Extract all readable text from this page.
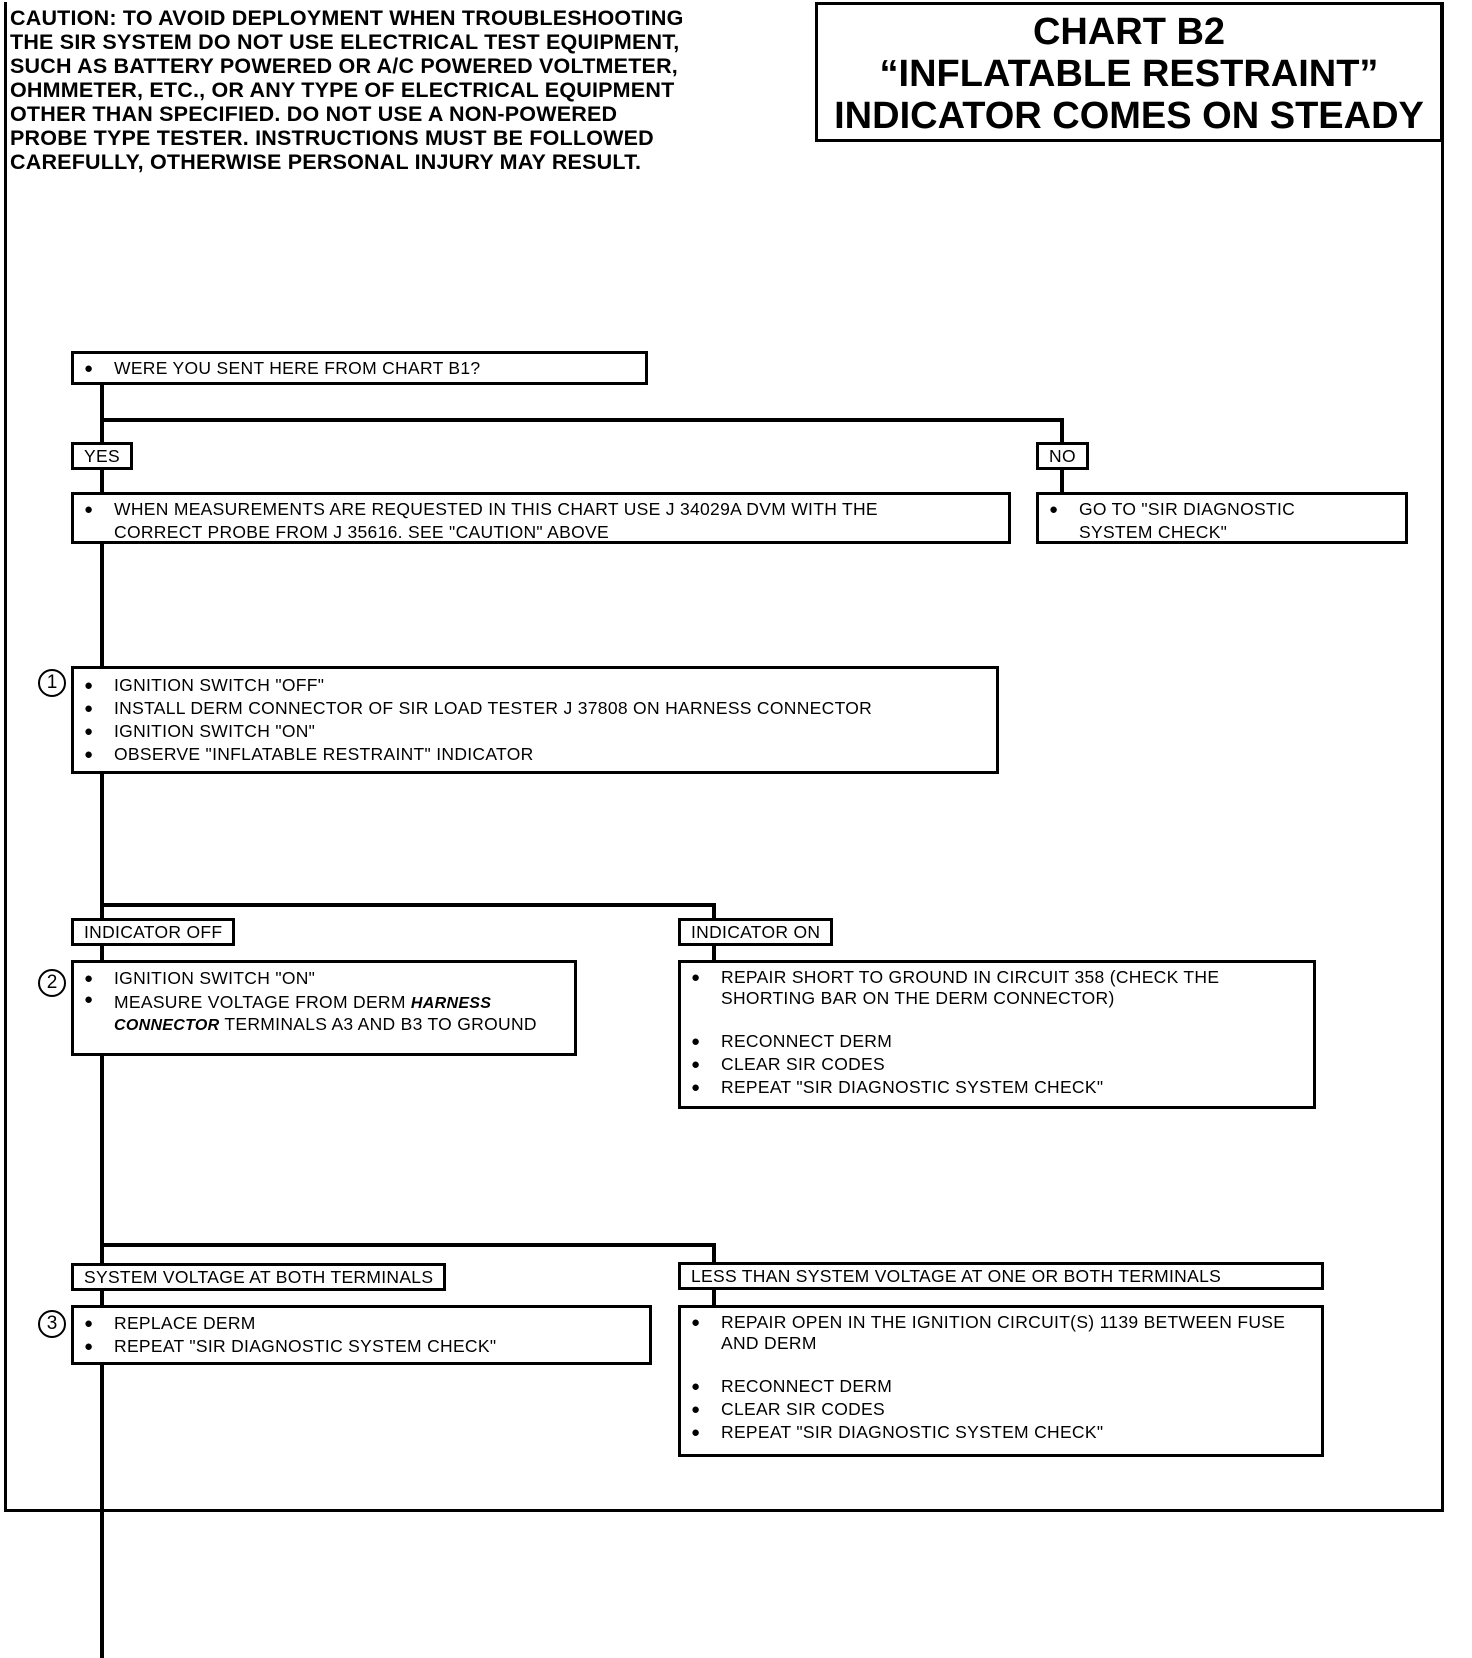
CAUTION: TO AVOID DEPLOYMENT WHEN TROUBLESHOOTING
THE SIR SYSTEM DO NOT USE ELECTRICAL TEST EQUIPMENT,
SUCH AS BATTERY POWERED OR A/C POWERED VOLTMETER,
OHMMETER, ETC., OR ANY TYPE OF ELECTRICAL EQUIPMENT
OTHER THAN SPECIFIED. DO NOT USE A NON-POWERED
PROBE TYPE TESTER. INSTRUCTIONS MUST BE FOLLOWED
CAREFULLY, OTHERWISE PERSONAL INJURY MAY RESULT.
CHART B2
“INFLATABLE RESTRAINT”
INDICATOR COMES ON STEADY
● WERE YOU SENT HERE FROM CHART B1?
YES	NO
● WHEN MEASUREMENTS ARE REQUESTED IN THIS CHART USE J 34029A DVM WITH THE
CORRECT PROBE FROM J 35616. SEE "CAUTION" ABOVE
● GO TO "SIR DIAGNOSTIC
SYSTEM CHECK"
1	● IGNITION SWITCH "OFF"
● INSTALL DERM CONNECTOR OF SIR LOAD TESTER J 37808 ON HARNESS CONNECTOR
● IGNITION SWITCH "ON"
● OBSERVE "INFLATABLE RESTRAINT" INDICATOR
INDICATOR OFF	INDICATOR ON
2	● IGNITION SWITCH "ON"
● MEASURE VOLTAGE FROM DERM HARNESS
CONNECTOR TERMINALS A3 AND B3 TO GROUND
● REPAIR SHORT TO GROUND IN CIRCUIT 358 (CHECK THE SHORTING BAR ON THE DERM CONNECTOR)
● RECONNECT DERM
● CLEAR SIR CODES
● REPEAT "SIR DIAGNOSTIC SYSTEM CHECK"
SYSTEM VOLTAGE AT BOTH TERMINALS	LESS THAN SYSTEM VOLTAGE AT ONE OR BOTH TERMINALS
3	● REPLACE DERM
● REPEAT "SIR DIAGNOSTIC SYSTEM CHECK"
● REPAIR OPEN IN THE IGNITION CIRCUIT(S) 1139 BETWEEN FUSE AND DERM
● RECONNECT DERM
● CLEAR SIR CODES
● REPEAT "SIR DIAGNOSTIC SYSTEM CHECK"
